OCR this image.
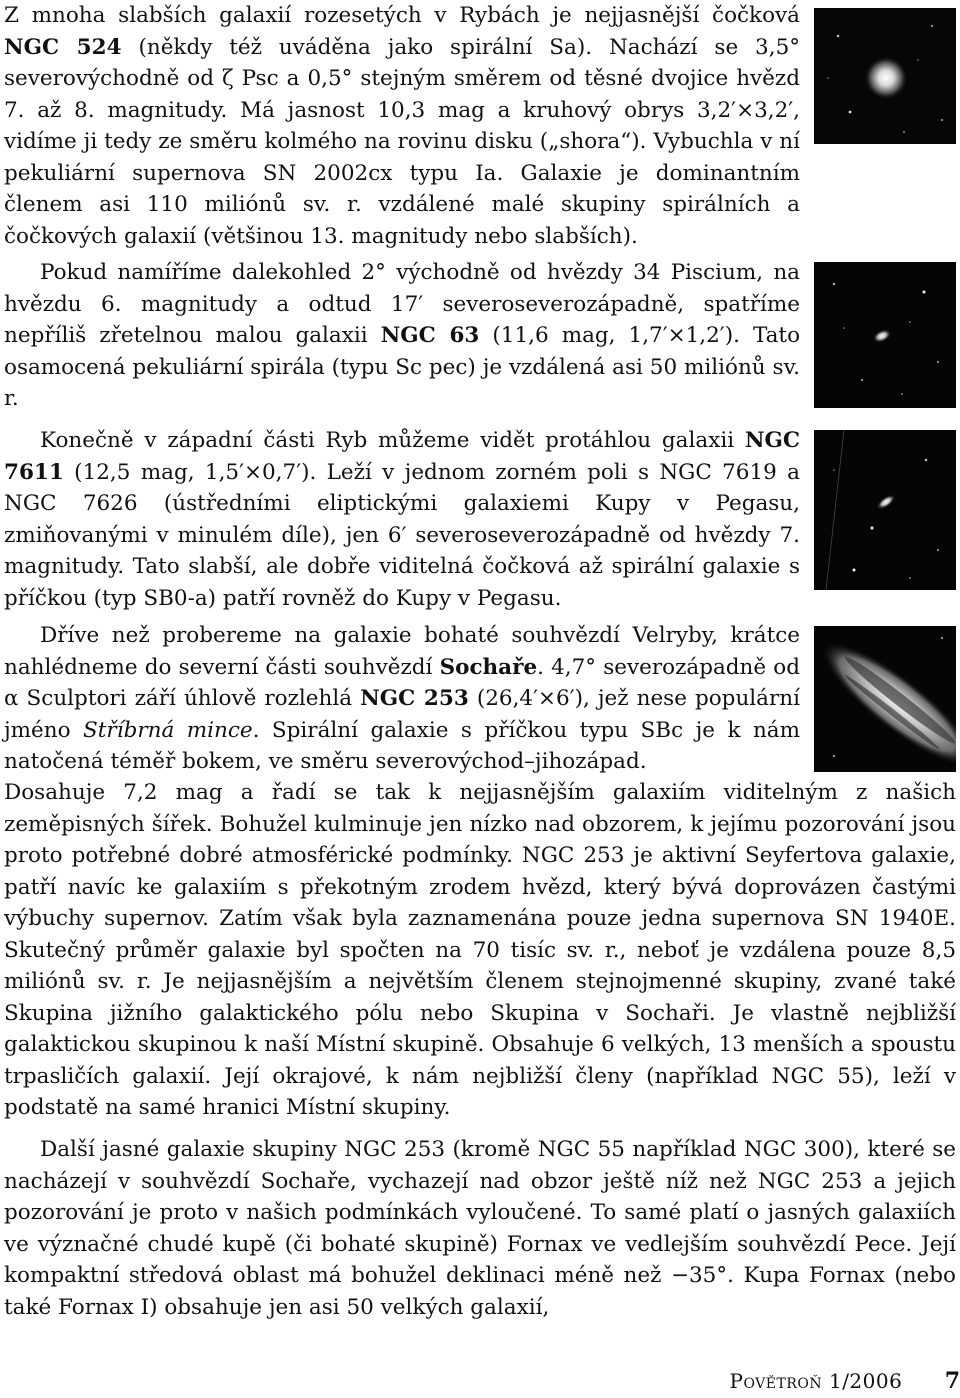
Z mnoha slabších galaxií rozesetých v Rybách je nejjasnější čočková NGC 524 (někdy též uváděna jako spirální Sa). Nachází se 3,5° severovýchodně od ζ Psc a 0,5° stejným směrem od těsné dvojice hvězd 7. až 8. magnitudy. Má jasnost 10,3 mag a kruhový obrys 3,2′×3,2′, vidíme ji tedy ze směru kolmého na rovinu disku („shora“). Vybuchla v ní pekuliární supernova SN 2002cx typu Ia. Galaxie je dominantním členem asi 110 miliónů sv. r. vzdálené malé skupiny spirálních a čočkových galaxií (většinou 13. magnitudy nebo slabších).

Pokud namíříme dalekohled 2° východně od hvězdy 34 Piscium, na hvězdu 6. magnitudy a odtud 17′ severoseverozápadně, spatříme nepříliš zřetelnou malou galaxii NGC 63 (11,6 mag, 1,7′×1,2′). Tato osamocená pekuliární spirála (typu Sc pec) je vzdálená asi 50 miliónů sv. r.

Konečně v západní části Ryb můžeme vidět protáhlou galaxii NGC 7611 (12,5 mag, 1,5′×0,7′). Leží v jednom zorném poli s NGC 7619 a NGC 7626 (ústředními eliptickými galaxiemi Kupy v Pegasu, zmiňovanými v minulém díle), jen 6′ severoseverozápadně od hvězdy 7. magnitudy. Tato slabší, ale dobře viditelná čočková až spirální galaxie s příčkou (typ SB0-a) patří rovněž do Kupy v Pegasu.

Dříve než probereme na galaxie bohaté souhvězdí Velryby, krátce nahlédneme do severní části souhvězdí Sochaře. 4,7° severozápadně od α Sculptori září úhlově rozlehlá NGC 253 (26,4′×6′), jež nese populární jméno Stříbrná mince. Spirální galaxie s příčkou typu SBc je k nám natočená téměř bokem, ve směru severovýchod–jihozápad.

Dosahuje 7,2 mag a řadí se tak k nejjasnějším galaxiím viditelným z našich zeměpisných šířek. Bohužel kulminuje jen nízko nad obzorem, k jejímu pozorování jsou proto potřebné dobré atmosférické podmínky. NGC 253 je aktivní Seyfertova galaxie, patří navíc ke galaxiím s překotným zrodem hvězd, který bývá doprovázen častými výbuchy supernov. Zatím však byla zaznamenána pouze jedna supernova SN 1940E. Skutečný průměr galaxie byl spočten na 70 tisíc sv. r., neboť je vzdálena pouze 8,5 miliónů sv. r. Je nejjasnějším a největším členem stejnojmenné skupiny, zvané také Skupina jižního galaktického pólu nebo Skupina v Sochaři. Je vlastně nejbližší galaktickou skupinou k naší Místní skupině. Obsahuje 6 velkých, 13 menších a spoustu trpasličích galaxií. Její okrajové, k nám nejbližší členy (například NGC 55), leží v podstatě na samé hranici Místní skupiny.

Další jasné galaxie skupiny NGC 253 (kromě NGC 55 například NGC 300), které se nacházejí v souhvězdí Sochaře, vychazejí nad obzor ještě níž než NGC 253 a jejich pozorování je proto v našich podmínkách vyloučené. To samé platí o jasných galaxiích ve význačné chudé kupě (či bohaté skupině) Fornax ve vedlejším souhvězdí Pece. Její kompaktní středová oblast má bohužel deklinaci méně než −35°. Kupa Fornax (nebo také Fornax I) obsahuje jen asi 50 velkých galaxií,

Povětroň 1/2006 7
